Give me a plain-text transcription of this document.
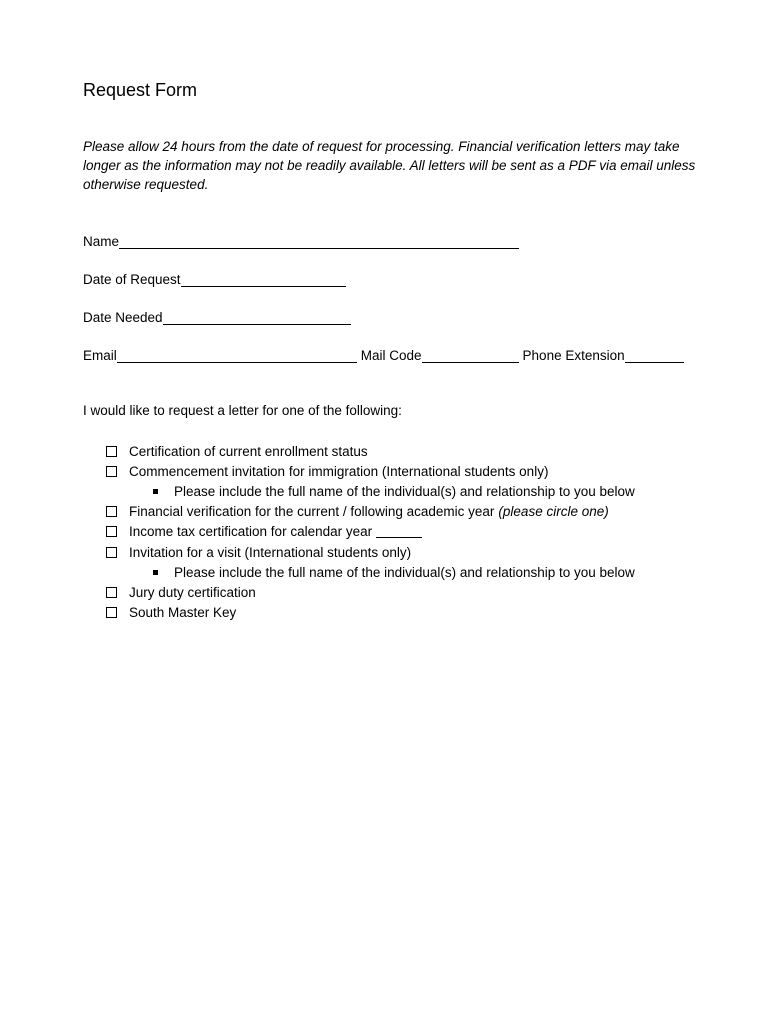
Request Form
Please allow 24 hours from the date of request for processing. Financial verification letters may take longer as the information may not be readily available. All letters will be sent as a PDF via email unless otherwise requested.
Name
Date of Request
Date Needed
Email	Mail Code	Phone Extension
I would like to request a letter for one of the following:
Certification of current enrollment status
Commencement invitation for immigration (International students only)
Please include the full name of the individual(s) and relationship to you below
Financial verification for the current / following academic year (please circle one)
Income tax certification for calendar year
Invitation for a visit (International students only)
Please include the full name of the individual(s) and relationship to you below
Jury duty certification
South Master Key
